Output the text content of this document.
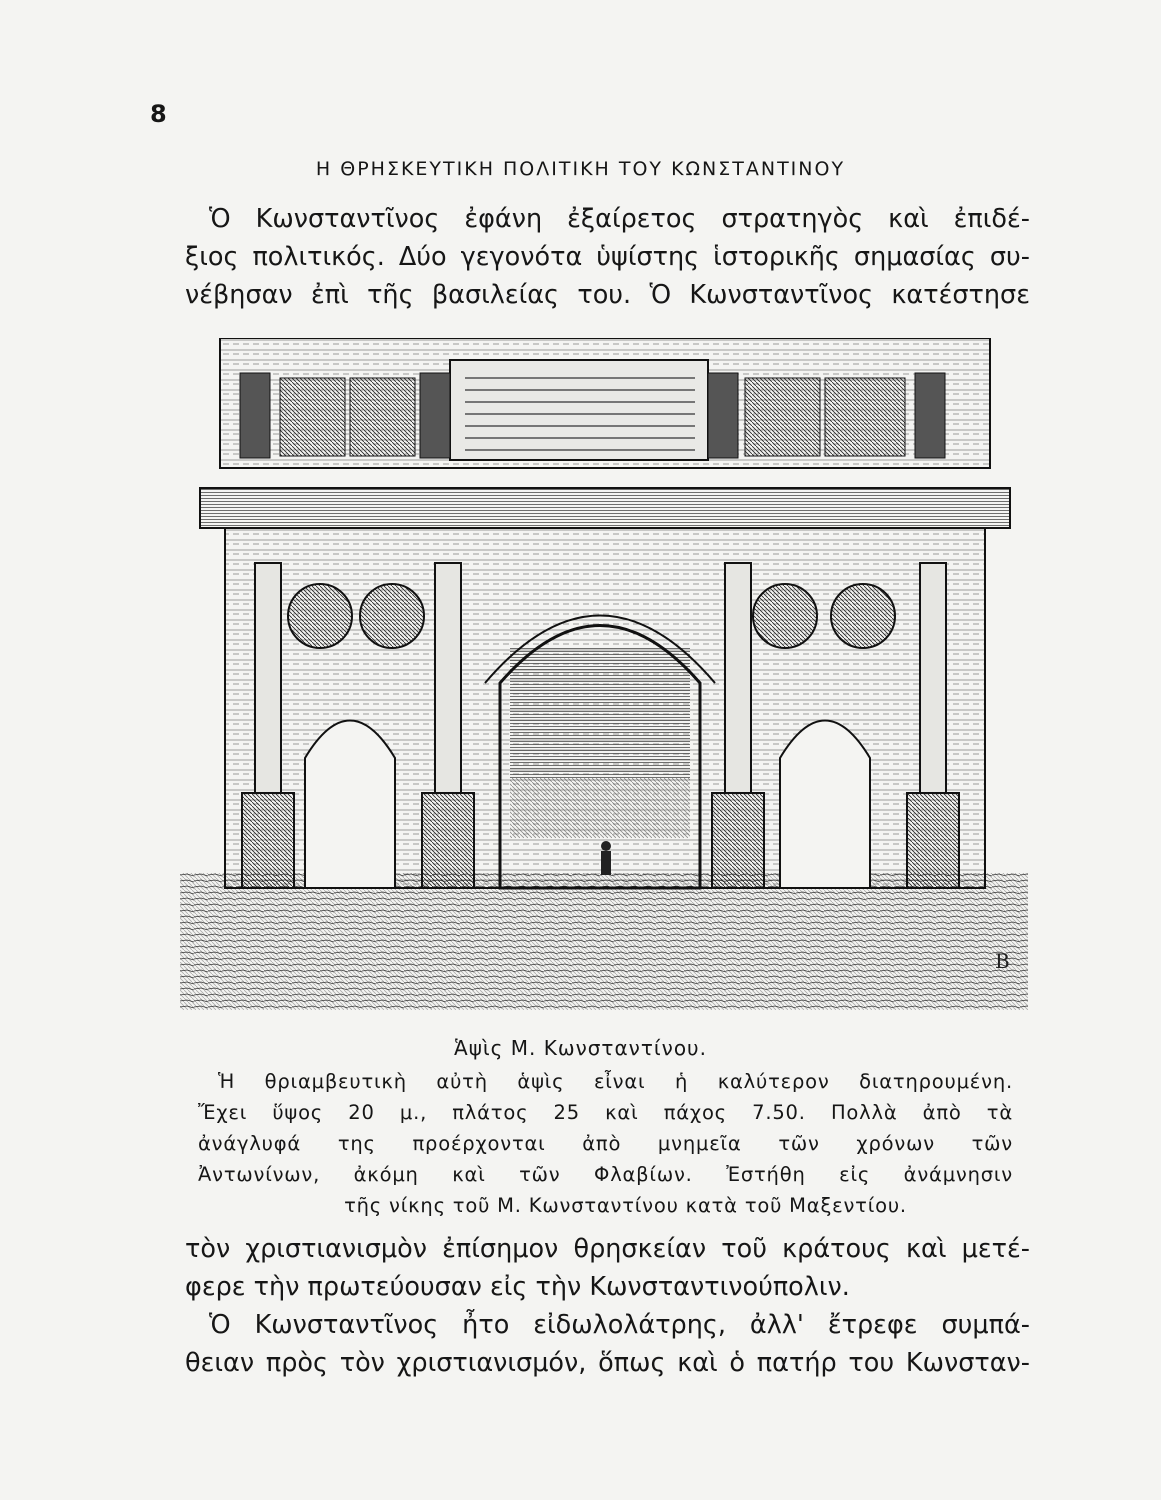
8
Η ΘΡΗΣΚΕΥΤΙΚΗ ΠΟΛΙΤΙΚΗ ΤΟΥ ΚΩΝΣΤΑΝΤΙΝΟΥ
Ὁ Κωνσταντῖνος ἐφάνη ἐξαίρετος στρατηγὸς καὶ ἐπιδέ-
ξιος πολιτικός. Δύο γεγονότα ὑψίστης ἱστορικῆς σημασίας συ-
νέβησαν ἐπὶ τῆς βασιλείας του. Ὁ Κωνσταντῖνος κατέστησε
B
Ἁψὶς Μ. Κωνσταντίνου.
Ἡ θριαμβευτικὴ αὐτὴ ἁψὶς εἶναι ἡ καλύτερον διατηρουμένη.
Ἔχει ὕψος 20 μ., πλάτος 25 καὶ πάχος 7.50. Πολλὰ ἀπὸ τὰ
ἀνάγλυφά της προέρχονται ἀπὸ μνημεῖα τῶν χρόνων τῶν
Ἀντωνίνων, ἀκόμη καὶ τῶν Φλαβίων. Ἐστήθη εἰς ἀνάμνησιν
τῆς νίκης τοῦ Μ. Κωνσταντίνου κατὰ τοῦ Μαξεντίου.
τὸν χριστιανισμὸν ἐπίσημον θρησκείαν τοῦ κράτους καὶ μετέ-
φερε τὴν πρωτεύουσαν εἰς τὴν Κωνσταντινούπολιν.
Ὁ Κωνσταντῖνος ἦτο εἰδωλολάτρης, ἀλλ' ἔτρεφε συμπά-
θειαν πρὸς τὸν χριστιανισμόν, ὅπως καὶ ὁ πατήρ του Κωνσταν-
